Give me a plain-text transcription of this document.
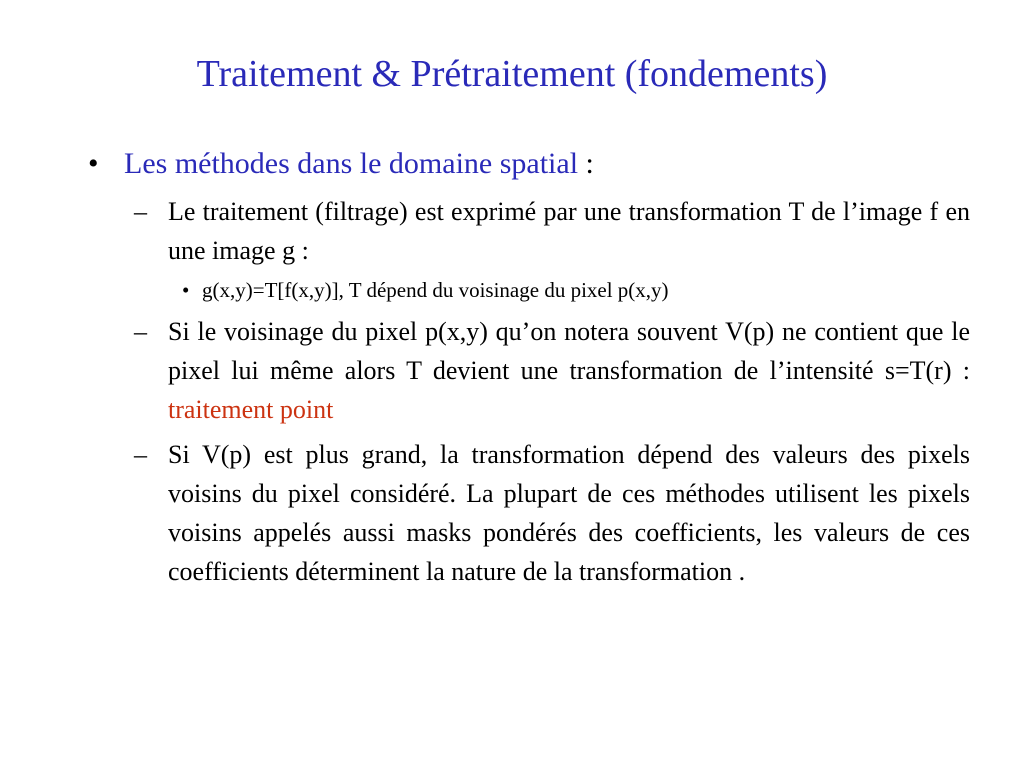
Traitement & Prétraitement (fondements)
• Les méthodes dans le domaine spatial :
– Le traitement (filtrage) est exprimé par une transformation T de l’image f en une image g :
• g(x,y)=T[f(x,y)], T dépend du voisinage du pixel p(x,y)
– Si le voisinage du pixel p(x,y) qu’on notera souvent V(p) ne contient que le pixel lui même alors T devient une transformation de l’intensité s=T(r) : traitement point
– Si V(p) est plus grand, la transformation dépend des valeurs des pixels voisins du pixel considéré. La plupart de ces méthodes utilisent les pixels voisins appelés aussi masks pondérés des coefficients, les valeurs de ces coefficients déterminent la nature de la transformation .
